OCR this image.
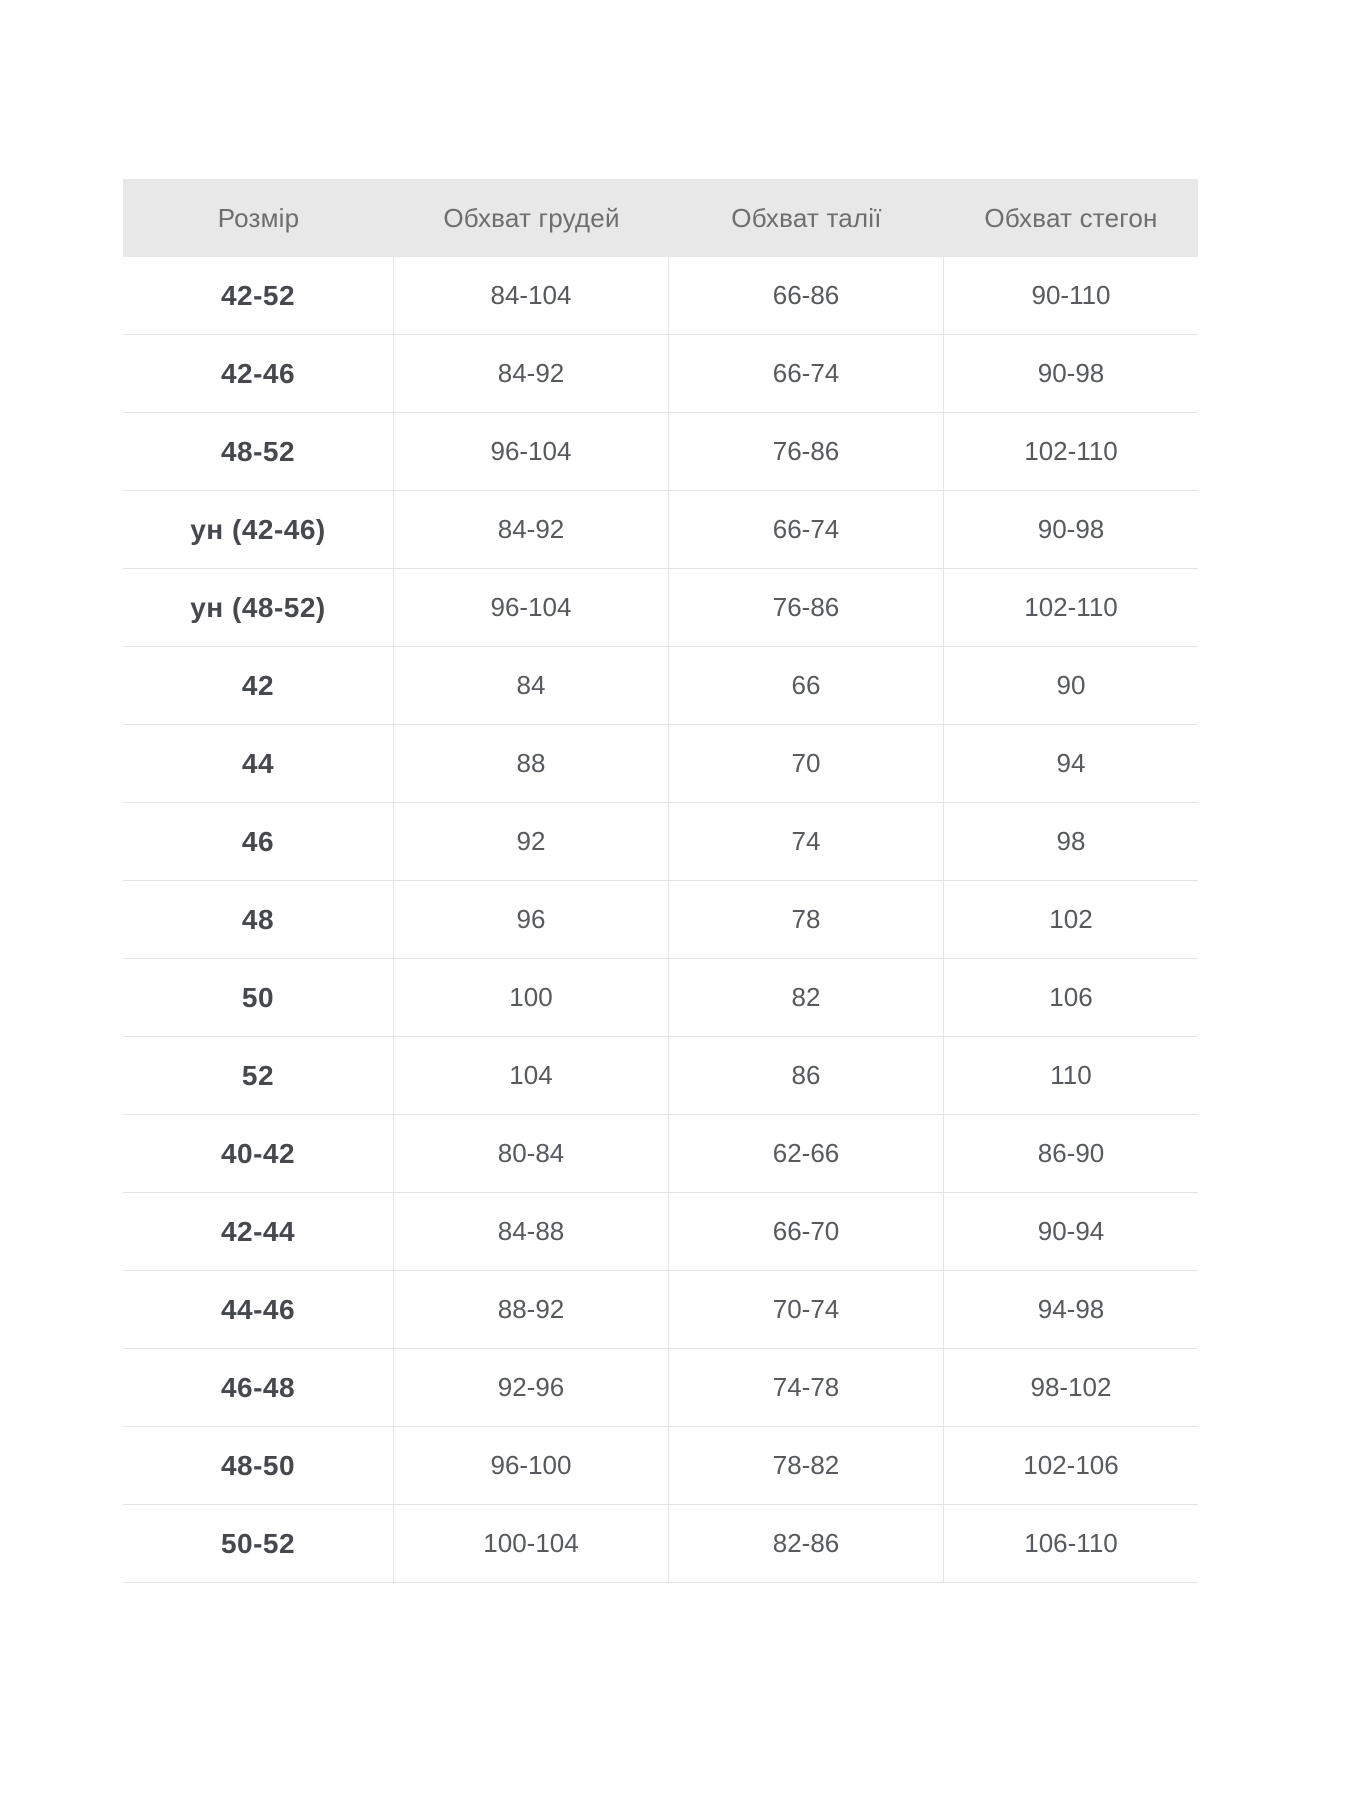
Розмір	Обхват грудей	Обхват талії	Обхват стегон
42-52	84-104	66-86	90-110
42-46	84-92	66-74	90-98
48-52	96-104	76-86	102-110
ун (42-46)	84-92	66-74	90-98
ун (48-52)	96-104	76-86	102-110
42	84	66	90
44	88	70	94
46	92	74	98
48	96	78	102
50	100	82	106
52	104	86	110
40-42	80-84	62-66	86-90
42-44	84-88	66-70	90-94
44-46	88-92	70-74	94-98
46-48	92-96	74-78	98-102
48-50	96-100	78-82	102-106
50-52	100-104	82-86	106-110
